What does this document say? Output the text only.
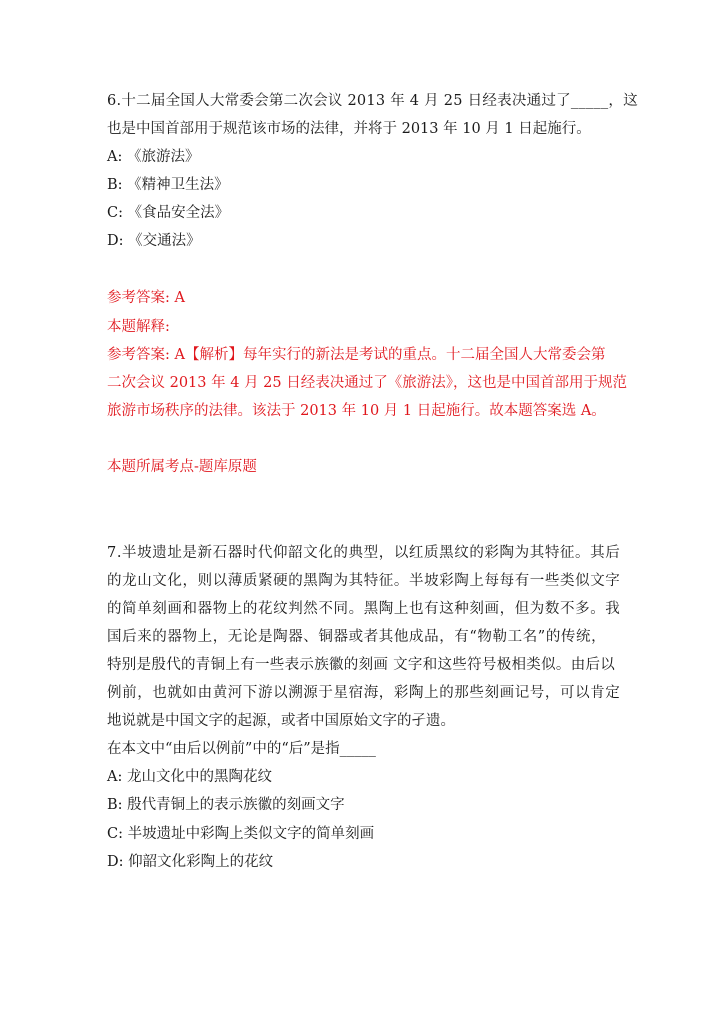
6.十二届全国人大常委会第二次会议 2013 年 4 月 25 日经表决通过了_____，这
也是中国首部用于规范该市场的法律，并将于 2013 年 10 月 1 日起施行。
A: 《旅游法》
B: 《精神卫生法》
C: 《食品安全法》
D: 《交通法》
参考答案: A
本题解释:
参考答案: A【解析】每年实行的新法是考试的重点。十二届全国人大常委会第
二次会议 2013 年 4 月 25 日经表决通过了《旅游法》，这也是中国首部用于规范
旅游市场秩序的法律。该法于 2013 年 10 月 1 日起施行。故本题答案选 A。
本题所属考点-题库原题
7.半坡遗址是新石器时代仰韶文化的典型，以红质黑纹的彩陶为其特征。其后
的龙山文化，则以薄质紧硬的黑陶为其特征。半坡彩陶上每每有一些类似文字
的简单刻画和器物上的花纹判然不同。黑陶上也有这种刻画，但为数不多。我
国后来的器物上，无论是陶器、铜器或者其他成品，有“物勒工名”的传统，
特别是殷代的青铜上有一些表示族徽的刻画 文字和这些符号极相类似。由后以
例前，也就如由黄河下游以溯源于星宿海，彩陶上的那些刻画记号，可以肯定
地说就是中国文字的起源，或者中国原始文字的孑遗。
在本文中“由后以例前”中的“后”是指_____
A: 龙山文化中的黑陶花纹
B: 殷代青铜上的表示族徽的刻画文字
C: 半坡遗址中彩陶上类似文字的简单刻画
D: 仰韶文化彩陶上的花纹
